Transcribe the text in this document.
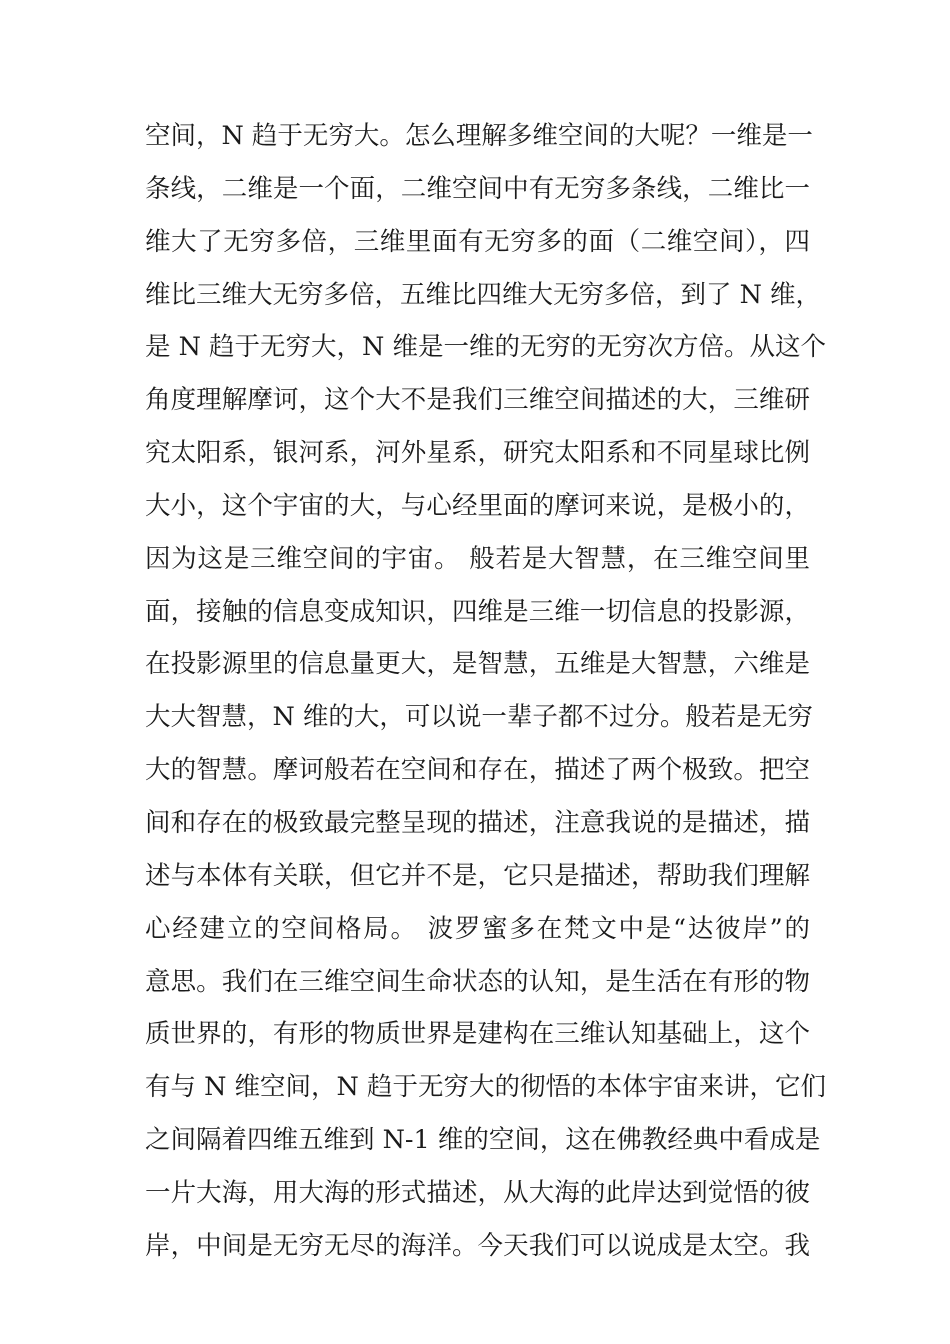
空间，N 趋于无穷大。怎么理解多维空间的大呢？一维是一
条线，二维是一个面，二维空间中有无穷多条线，二维比一
维大了无穷多倍，三维里面有无穷多的面（二维空间），四
维比三维大无穷多倍，五维比四维大无穷多倍，到了 N 维，
是 N 趋于无穷大，N 维是一维的无穷的无穷次方倍。从这个
角度理解摩诃，这个大不是我们三维空间描述的大，三维研
究太阳系，银河系，河外星系，研究太阳系和不同星球比例
大小，这个宇宙的大，与心经里面的摩诃来说，是极小的，
因为这是三维空间的宇宙。 般若是大智慧，在三维空间里
面，接触的信息变成知识，四维是三维一切信息的投影源，
在投影源里的信息量更大，是智慧，五维是大智慧，六维是
大大智慧，N 维的大，可以说一辈子都不过分。般若是无穷
大的智慧。摩诃般若在空间和存在，描述了两个极致。把空
间和存在的极致最完整呈现的描述，注意我说的是描述，描
述与本体有关联，但它并不是，它只是描述，帮助我们理解
心经建立的空间格局。 波罗蜜多在梵文中是“达彼岸”的
意思。我们在三维空间生命状态的认知，是生活在有形的物
质世界的，有形的物质世界是建构在三维认知基础上，这个
有与 N 维空间，N 趋于无穷大的彻悟的本体宇宙来讲，它们
之间隔着四维五维到 N-1 维的空间，这在佛教经典中看成是
一片大海，用大海的形式描述，从大海的此岸达到觉悟的彼
岸，中间是无穷无尽的海洋。今天我们可以说成是太空。我
